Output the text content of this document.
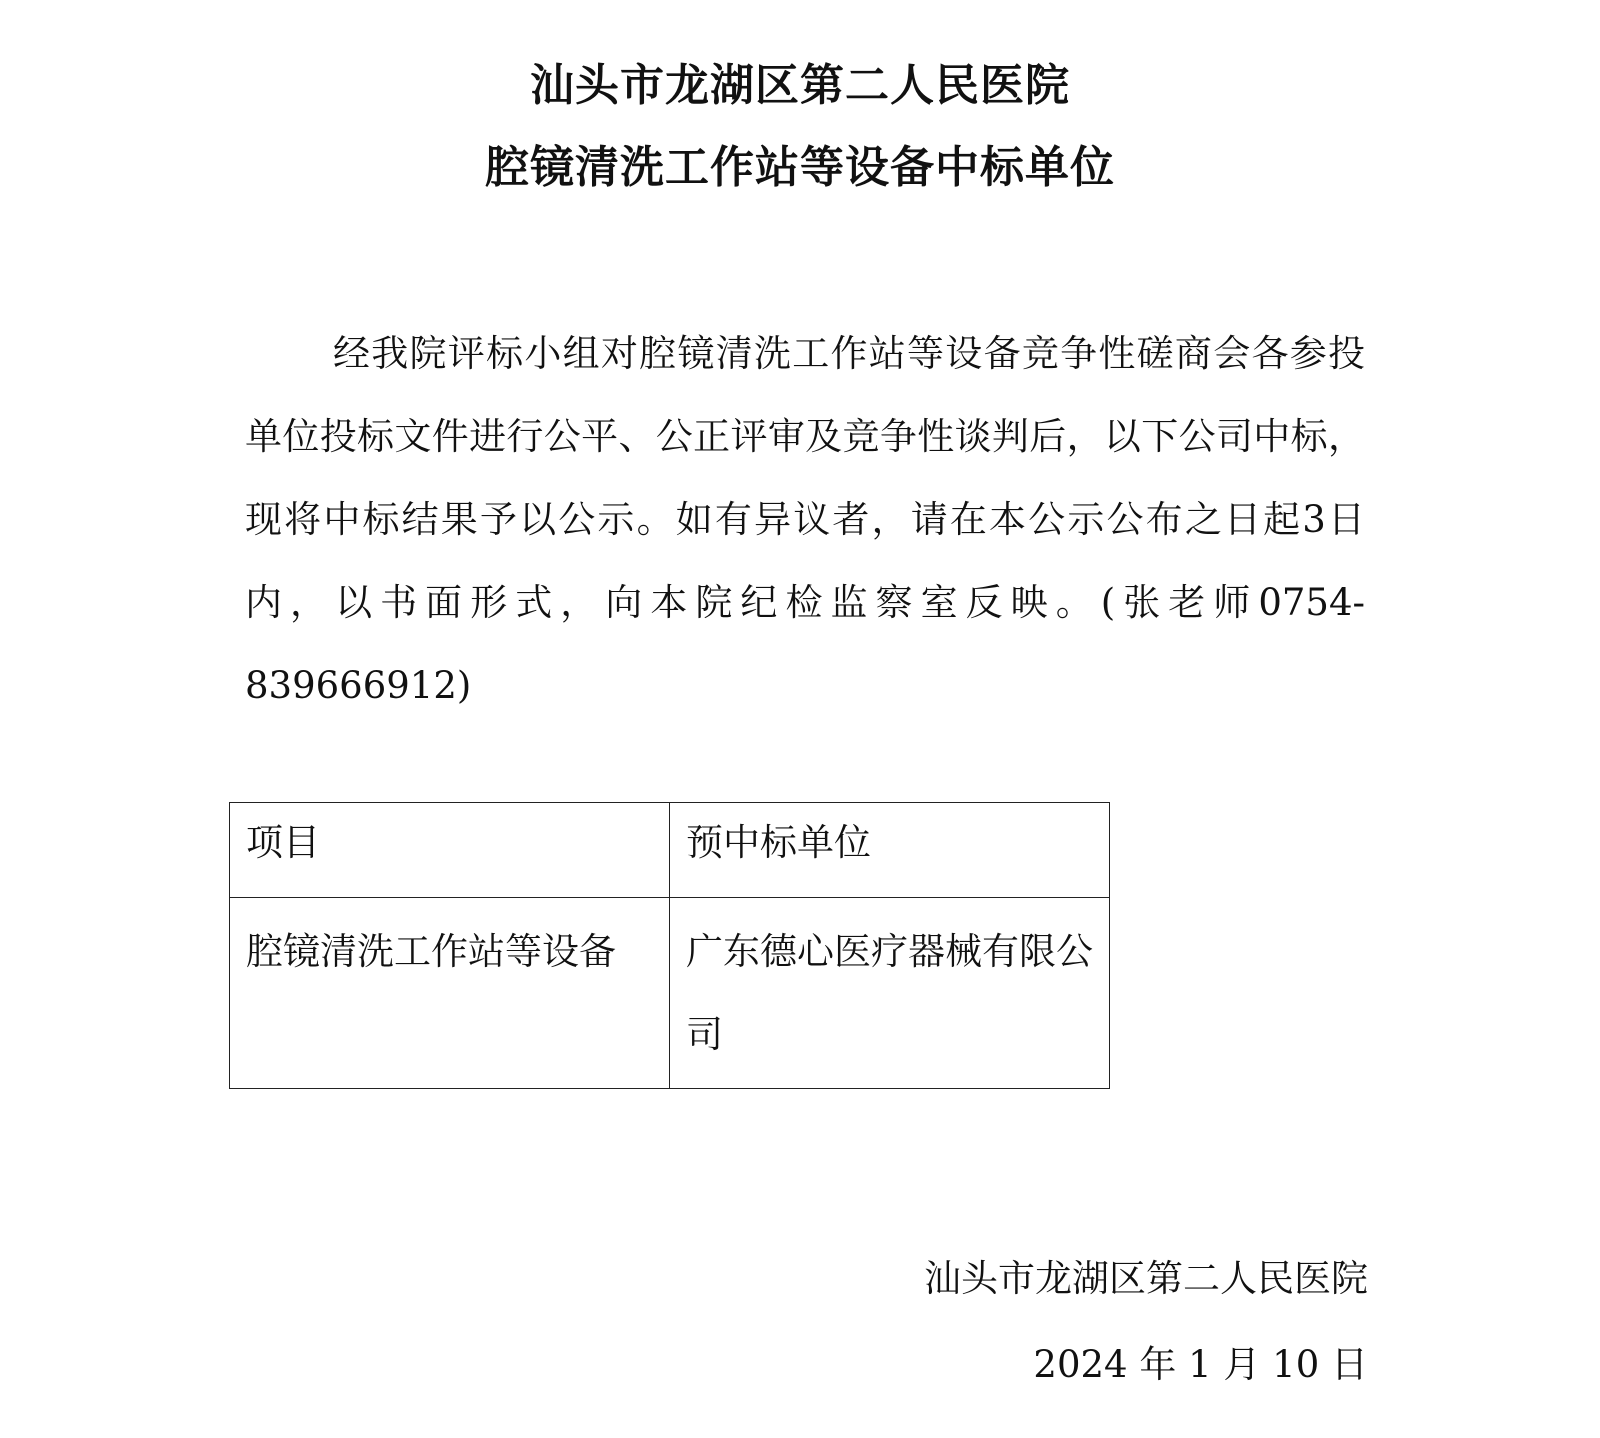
汕头市龙湖区第二人民医院
腔镜清洗工作站等设备中标单位
经我院评标小组对腔镜清洗工作站等设备竞争性磋商会各参投单位投标文件进行公平、公正评审及竞争性谈判后，以下公司中标，现将中标结果予以公示。如有异议者，请在本公示公布之日起3日内，以书面形式，向本院纪检监察室反映。(张老师0754-839666912)
项目	预中标单位
腔镜清洗工作站等设备	广东德心医疗器械有限公司
汕头市龙湖区第二人民医院
2024 年 1 月 10 日
